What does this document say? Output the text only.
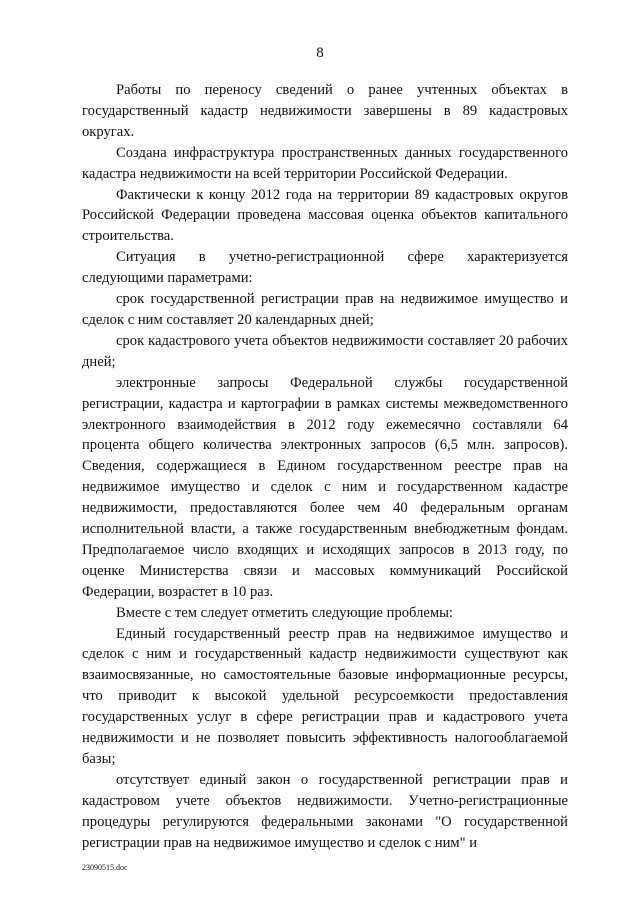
8

Работы по переносу сведений о ранее учтенных объектах в государственный кадастр недвижимости завершены в 89 кадастровых округах.

Создана инфраструктура пространственных данных государственного кадастра недвижимости на всей территории Российской Федерации.

Фактически к концу 2012 года на территории 89 кадастровых округов Российской Федерации проведена массовая оценка объектов капитального строительства.

Ситуация в учетно-регистрационной сфере характеризуется следующими параметрами:

срок государственной регистрации прав на недвижимое имущество и сделок с ним составляет 20 календарных дней;

срок кадастрового учета объектов недвижимости составляет 20 рабочих дней;

электронные запросы Федеральной службы государственной регистрации, кадастра и картографии в рамках системы межведомственного электронного взаимодействия в 2012 году ежемесячно составляли 64 процента общего количества электронных запросов (6,5 млн. запросов). Сведения, содержащиеся в Едином государственном реестре прав на недвижимое имущество и сделок с ним и государственном кадастре недвижимости, предоставляются более чем 40 федеральным органам исполнительной власти, а также государственным внебюджетным фондам. Предполагаемое число входящих и исходящих запросов в 2013 году, по оценке Министерства связи и массовых коммуникаций Российской Федерации, возрастет в 10 раз.

Вместе с тем следует отметить следующие проблемы:

Единый государственный реестр прав на недвижимое имущество и сделок с ним и государственный кадастр недвижимости существуют как взаимосвязанные, но самостоятельные базовые информационные ресурсы, что приводит к высокой удельной ресурсоемкости предоставления государственных услуг в сфере регистрации прав и кадастрового учета недвижимости и не позволяет повысить эффективность налогооблагаемой базы;

отсутствует единый закон о государственной регистрации прав и кадастровом учете объектов недвижимости. Учетно-регистрационные процедуры регулируются федеральными законами "О государственной регистрации прав на недвижимое имущество и сделок с ним" и

23090515.doc
